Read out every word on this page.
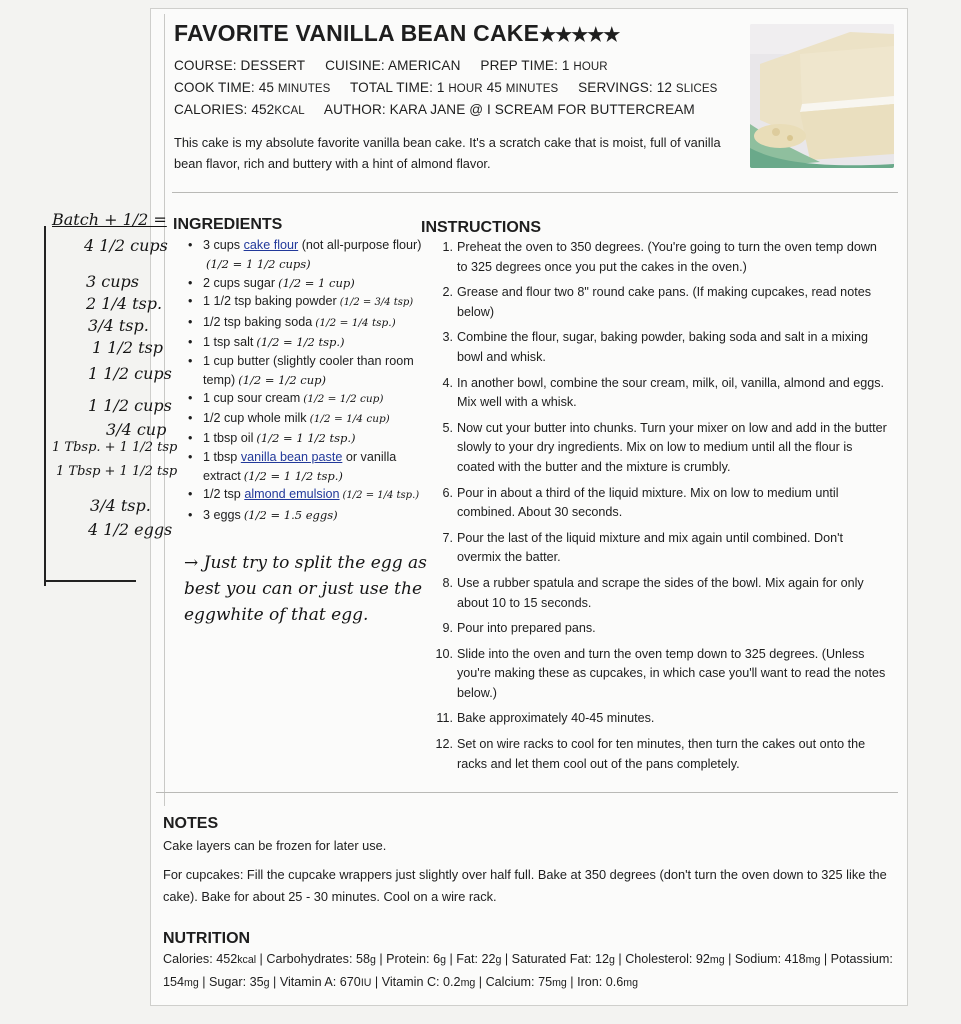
FAVORITE VANILLA BEAN CAKE★★★★★
COURSE: DESSERT CUISINE: AMERICAN PREP TIME: 1 HOUR
COOK TIME: 45 MINUTES TOTAL TIME: 1 HOUR 45 MINUTES SERVINGS: 12 SLICES
CALORIES: 452KCAL AUTHOR: KARA JANE @ I SCREAM FOR BUTTERCREAM
This cake is my absolute favorite vanilla bean cake. It's a scratch cake that is moist, full of vanilla bean flavor, rich and buttery with a hint of almond flavor.
Batch + 1/2 =
4 1/2 cups
3 cups
2 1/4 tsp.
3/4 tsp.
1 1/2 tsp
1 1/2 cups
1 1/2 cups
3/4 cup
1 Tbsp. + 1 1/2 tsp
1 Tbsp + 1 1/2 tsp
3/4 tsp.
4 1/2 eggs
INGREDIENTS
• 3 cups cake flour (not all-purpose flour)(1/2 = 1 1/2 cups)
• 2 cups sugar (1/2 = 1 cup)
• 1 1/2 tsp baking powder (1/2 = 3/4 tsp)
• 1/2 tsp baking soda (1/2 = 1/4 tsp.)
• 1 tsp salt (1/2 = 1/2 tsp.)
• 1 cup butter (slightly cooler than room temp) (1/2 = 1/2 cup)
• 1 cup sour cream (1/2 = 1/2 cup)
• 1/2 cup whole milk (1/2 = 1/4 cup)
• 1 tbsp oil (1/2 = 1 1/2 tsp.)
• 1 tbsp vanilla bean paste or vanilla extract (1/2 = 1 1/2 tsp.)
• 1/2 tsp almond emulsion (1/2 = 1/4 tsp.)
• 3 eggs (1/2 = 1.5 eggs)
→ Just try to split the egg as best you can or just use the eggwhite of that egg.
INSTRUCTIONS
1. Preheat the oven to 350 degrees. (You're going to turn the oven temp down to 325 degrees once you put the cakes in the oven.)
2. Grease and flour two 8" round cake pans. (If making cupcakes, read notes below)
3. Combine the flour, sugar, baking powder, baking soda and salt in a mixing bowl and whisk.
4. In another bowl, combine the sour cream, milk, oil, vanilla, almond and eggs. Mix well with a whisk.
5. Now cut your butter into chunks. Turn your mixer on low and add in the butter slowly to your dry ingredients. Mix on low to medium until all the flour is coated with the butter and the mixture is crumbly.
6. Pour in about a third of the liquid mixture. Mix on low to medium until combined. About 30 seconds.
7. Pour the last of the liquid mixture and mix again until combined. Don't overmix the batter.
8. Use a rubber spatula and scrape the sides of the bowl. Mix again for only about 10 to 15 seconds.
9. Pour into prepared pans.
10. Slide into the oven and turn the oven temp down to 325 degrees. (Unless you're making these as cupcakes, in which case you'll want to read the notes below.)
11. Bake approximately 40-45 minutes.
12. Set on wire racks to cool for ten minutes, then turn the cakes out onto the racks and let them cool out of the pans completely.
NOTES

Cake layers can be frozen for later use.

For cupcakes: Fill the cupcake wrappers just slightly over half full. Bake at 350 degrees (don't turn the oven down to 325 like the cake). Bake for about 25 - 30 minutes. Cool on a wire rack.

NUTRITION
Calories: 452kcal | Carbohydrates: 58g | Protein: 6g | Fat: 22g | Saturated Fat: 12g | Cholesterol: 92mg | Sodium: 418mg | Potassium: 154mg | Sugar: 35g | Vitamin A: 670IU | Vitamin C: 0.2mg | Calcium: 75mg | Iron: 0.6mg
